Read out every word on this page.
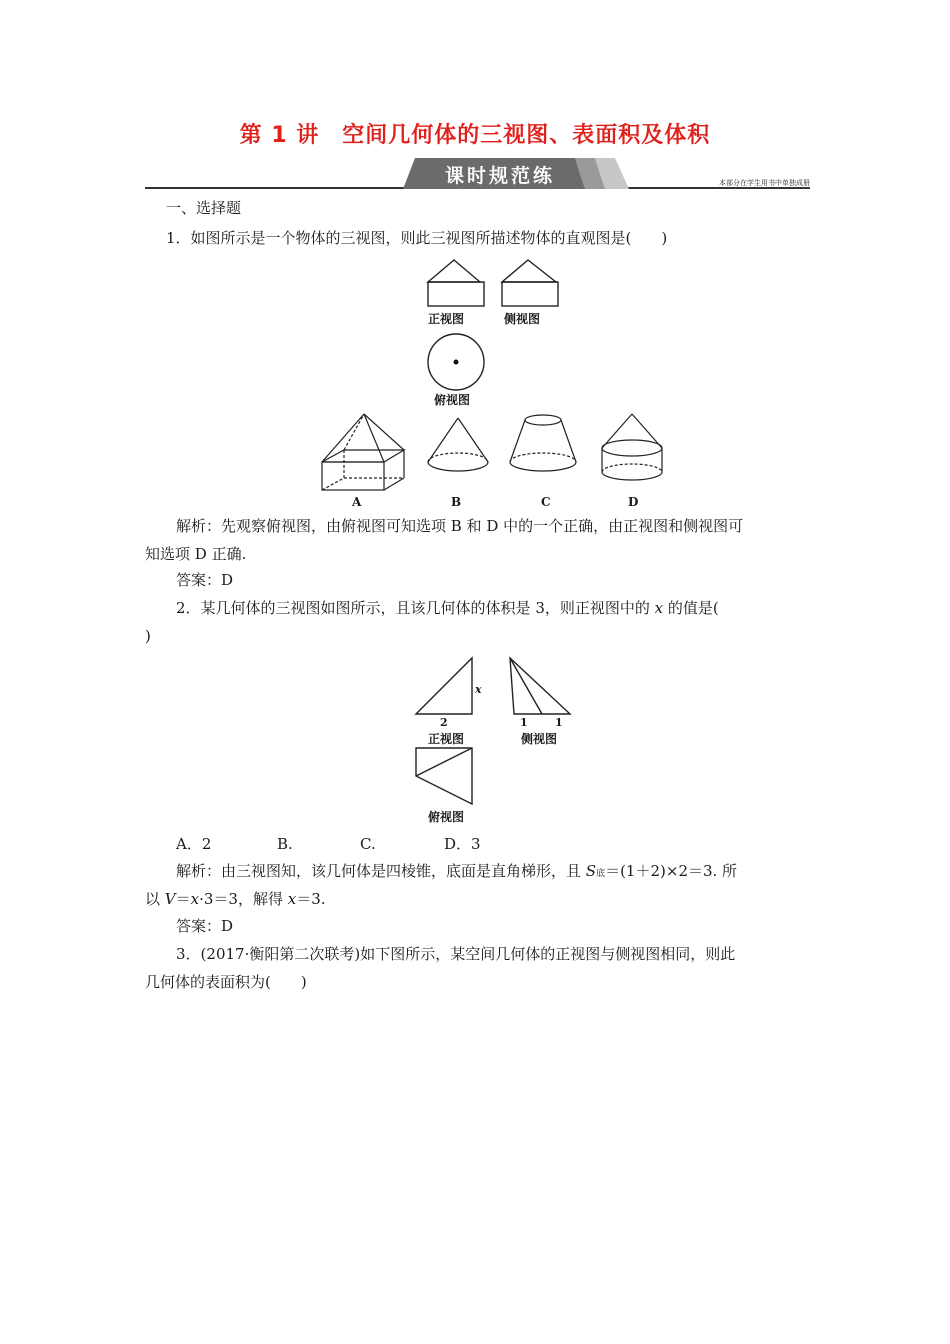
第 1 讲　空间几何体的三视图、表面积及体积
课时规范练	本部分在学生用书中单独成册
一、选择题
1．如图所示是一个物体的三视图，则此三视图所描述物体的直观图是(　　)
正视图	侧视图
俯视图
A	B	C	D
解析：先观察俯视图，由俯视图可知选项 B 和 D 中的一个正确，由正视图和侧视图可
知选项 D 正确.
答案：D
2．某几何体的三视图如图所示，且该几何体的体积是 3，则正视图中的 x 的值是(
)
x
2	1 1
正视图	侧视图
俯视图
A．2	B.	C.	D．3
解析：由三视图知，该几何体是四棱锥，底面是直角梯形，且 S底＝(1＋2)×2＝3. 所
以 V＝x·3＝3，解得 x＝3.
答案：D
3．(2017·衡阳第二次联考)如下图所示，某空间几何体的正视图与侧视图相同，则此
几何体的表面积为(　　)
